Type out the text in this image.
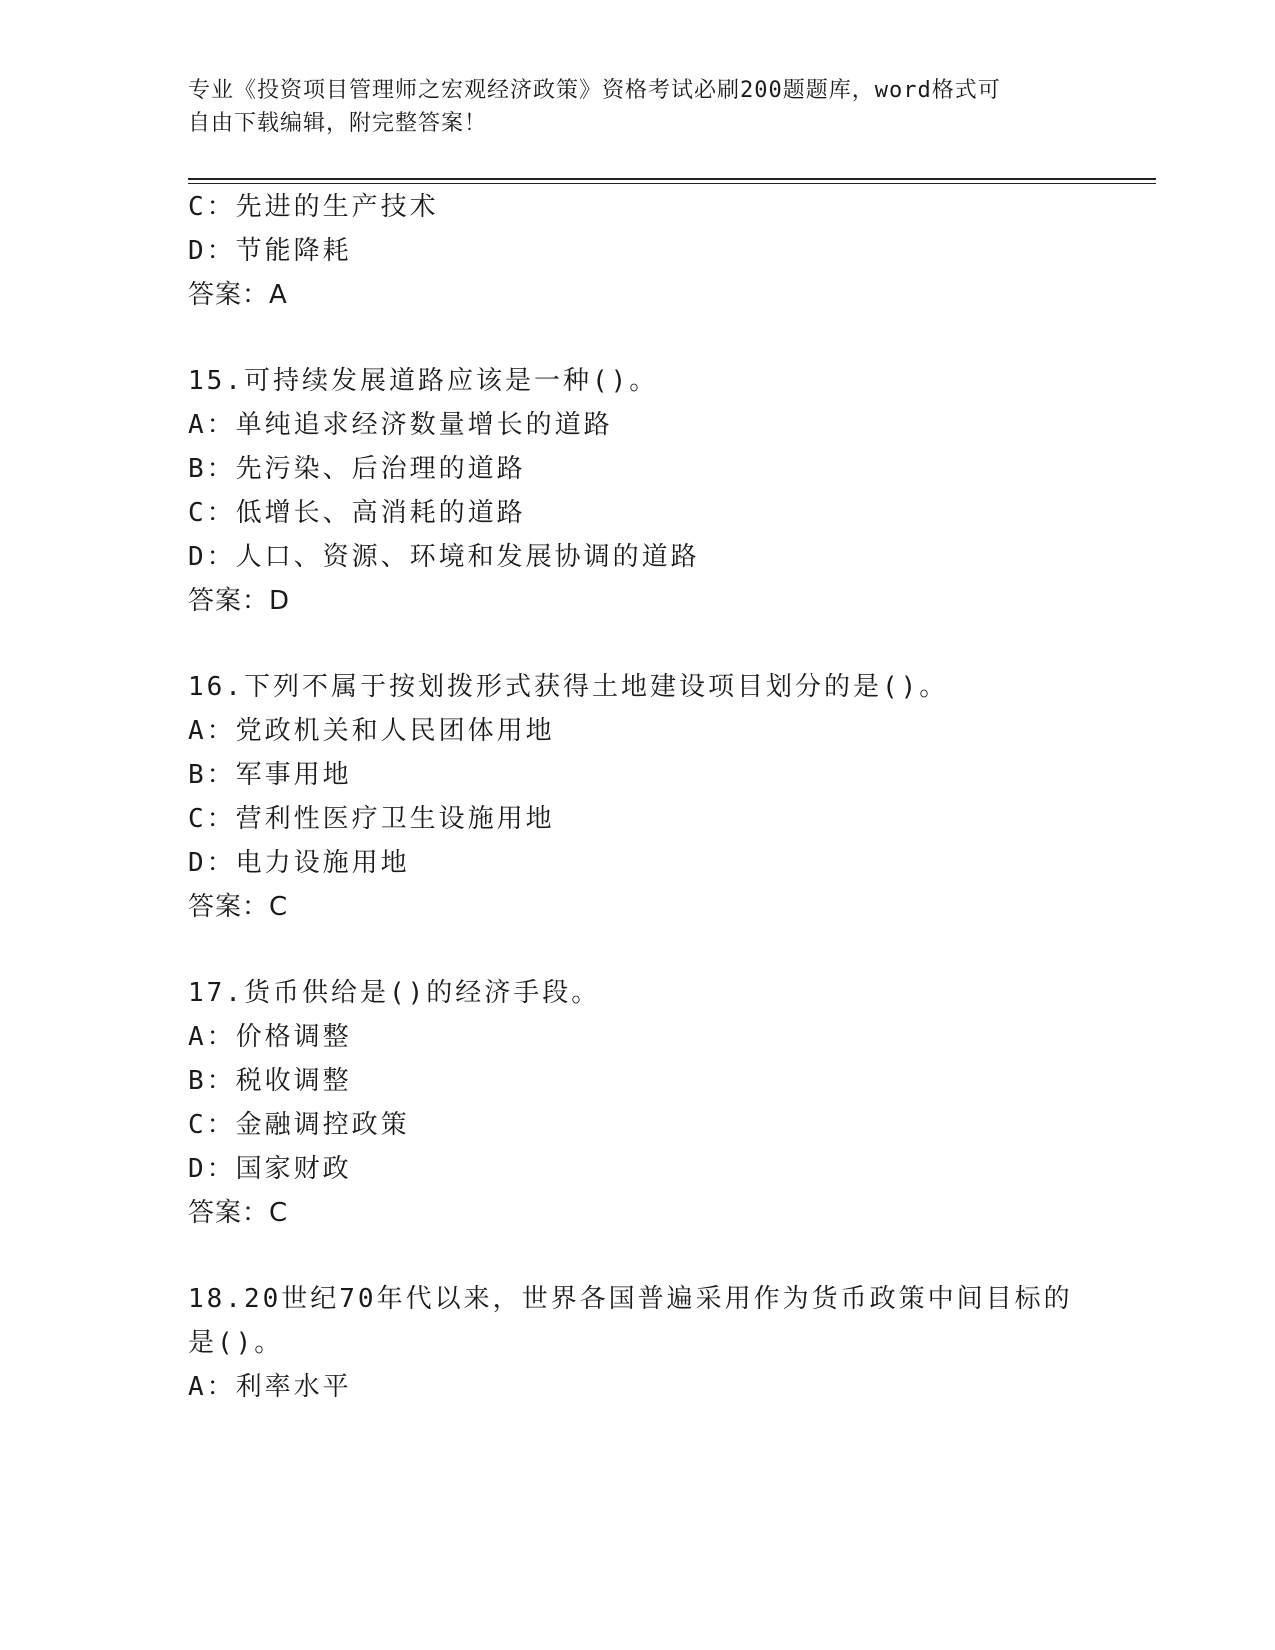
专业《投资项目管理师之宏观经济政策》资格考试必刷200题题库，word格式可
自由下载编辑，附完整答案！
C：先进的生产技术
D：节能降耗
答案：A
15.可持续发展道路应该是一种()。
A：单纯追求经济数量增长的道路
B：先污染、后治理的道路
C：低增长、高消耗的道路
D：人口、资源、环境和发展协调的道路
答案：D
16.下列不属于按划拨形式获得土地建设项目划分的是()。
A：党政机关和人民团体用地
B：军事用地
C：营利性医疗卫生设施用地
D：电力设施用地
答案：C
17.货币供给是()的经济手段。
A：价格调整
B：税收调整
C：金融调控政策
D：国家财政
答案：C
18.20世纪70年代以来，世界各国普遍采用作为货币政策中间目标的
是()。
A：利率水平
